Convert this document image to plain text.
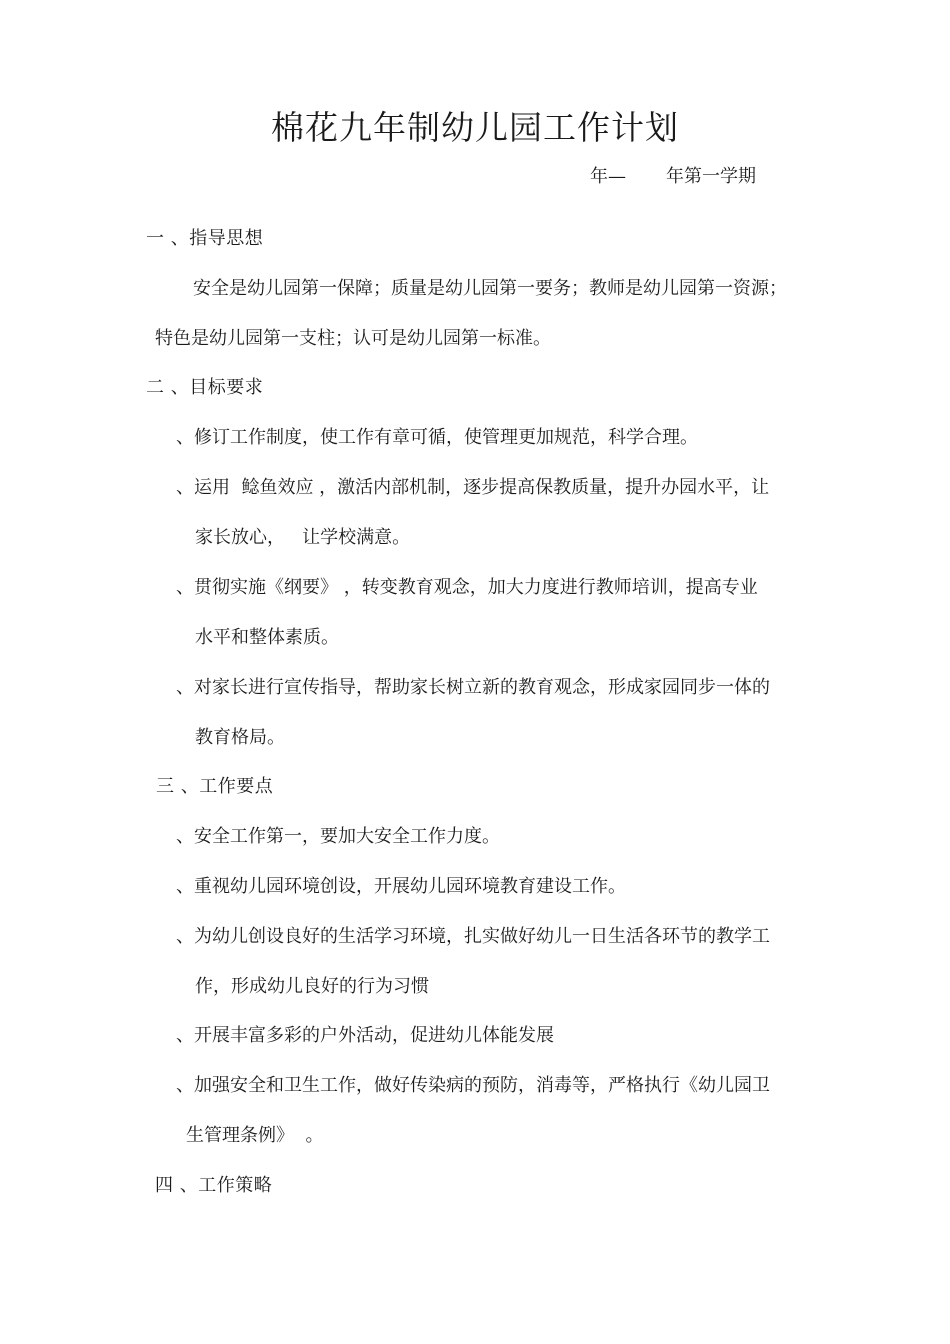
棉花九年制幼儿园工作计划
年—       年第一学期
一 、指导思想
安全是幼儿园第一保障；质量是幼儿园第一要务；教师是幼儿园第一资源；
特色是幼儿园第一支柱；认可是幼儿园第一标准。
二 、目标要求
、修订工作制度，使工作有章可循，使管理更加规范，科学合理。
、运用  鲶鱼效应 ，激活内部机制，逐步提高保教质量，提升办园水平，让
家长放心，   让学校满意。
、贯彻实施《纲要》 ，转变教育观念，加大力度进行教师培训，提高专业
水平和整体素质。
、对家长进行宣传指导，帮助家长树立新的教育观念，形成家园同步一体的
教育格局。
三 、工作要点
、安全工作第一，要加大安全工作力度。
、重视幼儿园环境创设，开展幼儿园环境教育建设工作。
、为幼儿创设良好的生活学习环境，扎实做好幼儿一日生活各环节的教学工
作，形成幼儿良好的行为习惯
、开展丰富多彩的户外活动，促进幼儿体能发展
、加强安全和卫生工作，做好传染病的预防，消毒等，严格执行《幼儿园卫
生管理条例》  。
四 、工作策略
